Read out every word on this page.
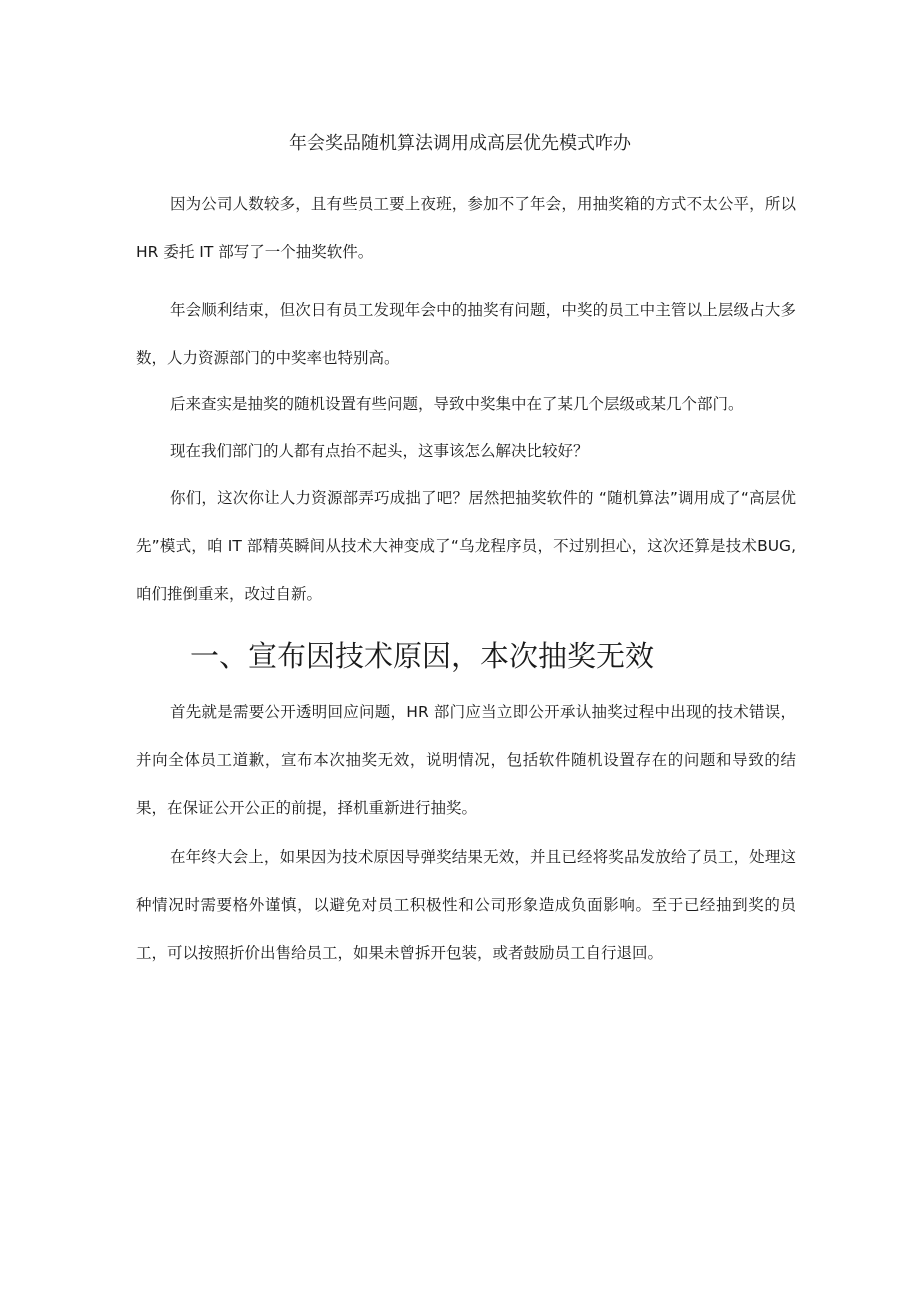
年会奖品随机算法调用成高层优先模式咋办

因为公司人数较多，且有些员工要上夜班，参加不了年会，用抽奖箱的方式不太公平，所以HR 委托 IT 部写了一个抽奖软件。

年会顺利结束，但次日有员工发现年会中的抽奖有问题，中奖的员工中主管以上层级占大多数，人力资源部门的中奖率也特别高。

后来查实是抽奖的随机设置有些问题，导致中奖集中在了某几个层级或某几个部门。

现在我们部门的人都有点抬不起头，这事该怎么解决比较好？

你们，这次你让人力资源部弄巧成拙了吧？居然把抽奖软件的 “随机算法”调用成了“高层优先”模式，咱 IT 部精英瞬间从技术大神变成了“乌龙程序员，不过别担心，这次还算是技术BUG,咱们推倒重来，改过自新。

一、宣布因技术原因，本次抽奖无效

首先就是需要公开透明回应问题，HR 部门应当立即公开承认抽奖过程中出现的技术错误，并向全体员工道歉，宣布本次抽奖无效，说明情况，包括软件随机设置存在的问题和导致的结果，在保证公开公正的前提，择机重新进行抽奖。

在年终大会上，如果因为技术原因导弹奖结果无效，并且已经将奖品发放给了员工，处理这种情况时需要格外谨慎，以避免对员工积极性和公司形象造成负面影响。至于已经抽到奖的员工，可以按照折价出售给员工，如果未曾拆开包装，或者鼓励员工自行退回。
